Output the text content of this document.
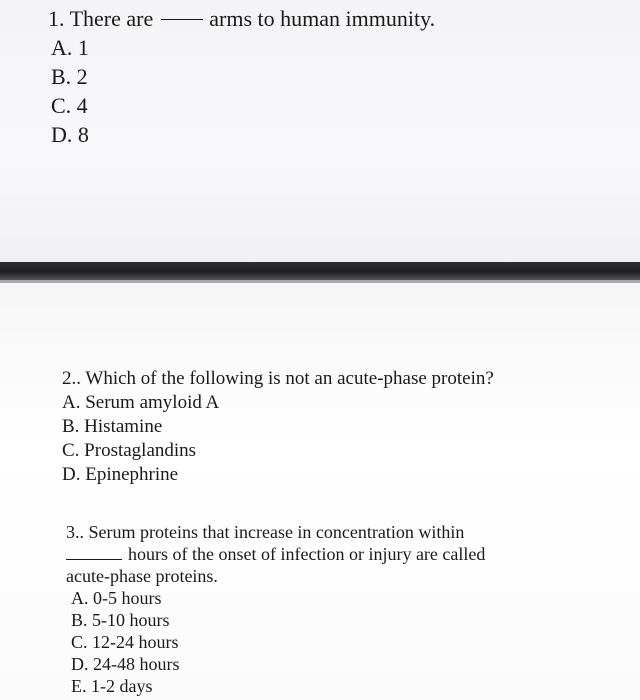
1. There are	arms to human immunity.
A. 1
B. 2
C. 4
D. 8
2.. Which of the following is not an acute-phase protein?
A. Serum amyloid A
B. Histamine
C. Prostaglandins
D. Epinephrine
3.. Serum proteins that increase in concentration within
hours of the onset of infection or injury are called
acute-phase proteins.
A. 0-5 hours
B. 5-10 hours
C. 12-24 hours
D. 24-48 hours
E. 1-2 days
